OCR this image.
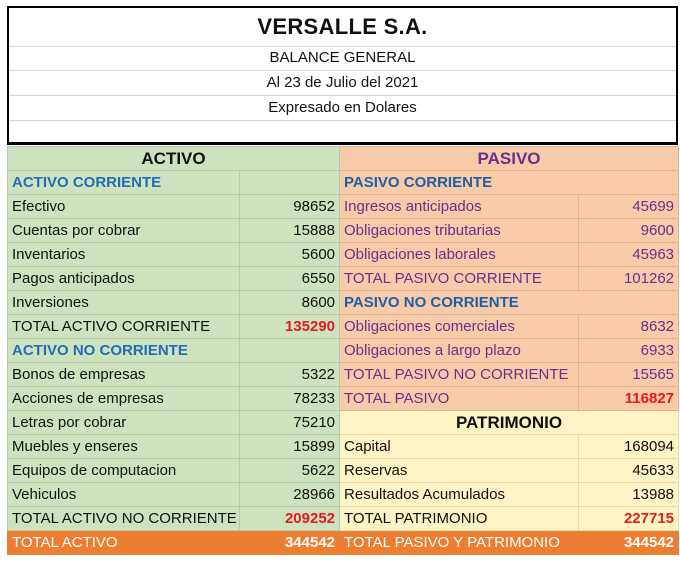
VERSALLE S.A.
BALANCE GENERAL
Al 23 de Julio del 2021
Expresado en Dolares
ACTIVO		PASIVO	
ACTIVO CORRIENTE		PASIVO CORRIENTE	
Efectivo	98652	Ingresos anticipados	45699
Cuentas por cobrar	15888	Obligaciones tributarias	9600
Inventarios	5600	Obligaciones laborales	45963
Pagos anticipados	6550	TOTAL PASIVO CORRIENTE	101262
Inversiones	8600	PASIVO NO CORRIENTE	
TOTAL ACTIVO CORRIENTE	135290	Obligaciones comerciales	8632
ACTIVO NO CORRIENTE		Obligaciones a largo plazo	6933
Bonos de empresas	5322	TOTAL PASIVO NO CORRIENTE	15565
Acciones de empresas	78233	TOTAL PASIVO	116827
Letras por cobrar	75210	PATRIMONIO	
Muebles y enseres	15899	Capital	168094
Equipos de computacion	5622	Reservas	45633
Vehiculos	28966	Resultados Acumulados	13988
TOTAL ACTIVO NO CORRIENTE	209252	TOTAL PATRIMONIO	227715
TOTAL ACTIVO	344542	TOTAL PASIVO Y PATRIMONIO	344542
